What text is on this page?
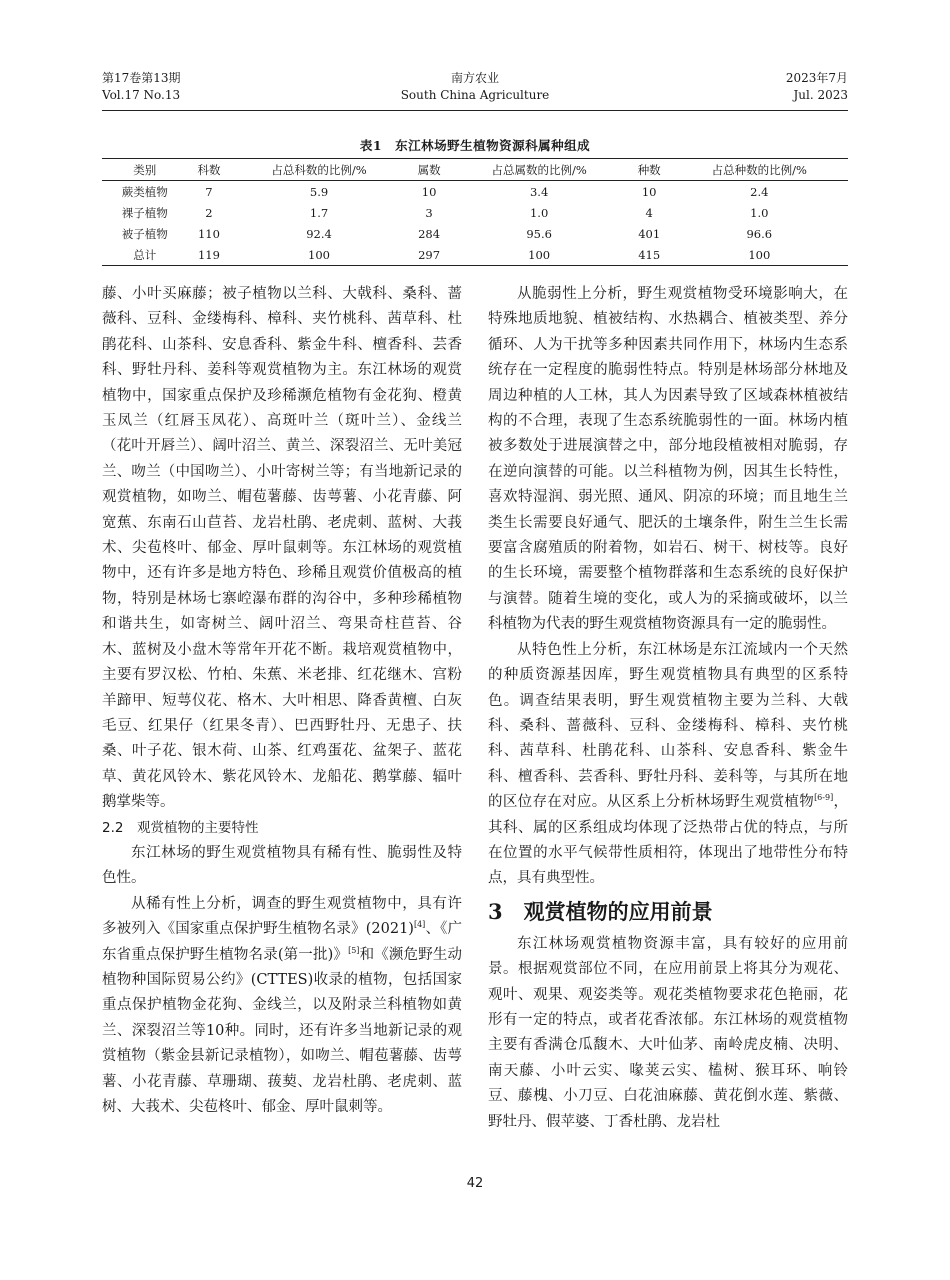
第17卷第13期
Vol.17 No.13
南方农业
South China Agriculture
2023年7月
Jul. 2023
表1　东江林场野生植物资源科属种组成
类别	科数	占总科数的比例/%	属数	占总属数的比例/%	种数	占总种数的比例/%
蕨类植物	7	5.9	10	3.4	10	2.4
裸子植物	2	1.7	3	1.0	4	1.0
被子植物	110	92.4	284	95.6	401	96.6
总计	119	100	297	100	415	100

藤、小叶买麻藤；被子植物以兰科、大戟科、桑科、蔷薇科、豆科、金缕梅科、樟科、夹竹桃科、茜草科、杜鹃花科、山茶科、安息香科、紫金牛科、檀香科、芸香科、野牡丹科、姜科等观赏植物为主。东江林场的观赏植物中，国家重点保护及珍稀濒危植物有金花狗、橙黄玉凤兰（红唇玉凤花）、高斑叶兰（斑叶兰）、金线兰（花叶开唇兰）、阔叶沼兰、黄兰、深裂沼兰、无叶美冠兰、吻兰（中国吻兰）、小叶寄树兰等；有当地新记录的观赏植物，如吻兰、帽苞薯藤、齿萼薯、小花青藤、阿宽蕉、东南石山苣苔、龙岩杜鹃、老虎刺、蓝树、大莪术、尖苞柊叶、郁金、厚叶鼠刺等。东江林场的观赏植物中，还有许多是地方特色、珍稀且观赏价值极高的植物，特别是林场七寨崆瀑布群的沟谷中，多种珍稀植物和谐共生，如寄树兰、阔叶沼兰、弯果奇柱苣苔、谷木、蓝树及小盘木等常年开花不断。栽培观赏植物中，主要有罗汉松、竹柏、朱蕉、米老排、红花继木、宫粉羊蹄甲、短萼仪花、格木、大叶相思、降香黄檀、白灰毛豆、红果仔（红果冬青）、巴西野牡丹、无患子、扶桑、叶子花、银木荷、山茶、红鸡蛋花、盆架子、蓝花草、黄花风铃木、紫花风铃木、龙船花、鹅掌藤、辐叶鹅掌柴等。

2.2　观赏植物的主要特性

东江林场的野生观赏植物具有稀有性、脆弱性及特色性。

从稀有性上分析，调查的野生观赏植物中，具有许多被列入《国家重点保护野生植物名录》(2021)[4]、《广东省重点保护野生植物名录(第一批)》[5]和《濒危野生动植物种国际贸易公约》(CTTES)收录的植物，包括国家重点保护植物金花狗、金线兰，以及附录兰科植物如黄兰、深裂沼兰等10种。同时，还有许多当地新记录的观赏植物（紫金县新记录植物），如吻兰、帽苞薯藤、齿萼薯、小花青藤、草珊瑚、菝葜、龙岩杜鹃、老虎刺、蓝树、大莪术、尖苞柊叶、郁金、厚叶鼠刺等。

从脆弱性上分析，野生观赏植物受环境影响大，在特殊地质地貌、植被结构、水热耦合、植被类型、养分循环、人为干扰等多种因素共同作用下，林场内生态系统存在一定程度的脆弱性特点。特别是林场部分林地及周边种植的人工林，其人为因素导致了区域森林植被结构的不合理，表现了生态系统脆弱性的一面。林场内植被多数处于进展演替之中，部分地段植被相对脆弱，存在逆向演替的可能。以兰科植物为例，因其生长特性，喜欢特湿润、弱光照、通风、阴凉的环境；而且地生兰类生长需要良好通气、肥沃的土壤条件，附生兰生长需要富含腐殖质的附着物，如岩石、树干、树枝等。良好的生长环境，需要整个植物群落和生态系统的良好保护与演替。随着生境的变化，或人为的采摘或破坏，以兰科植物为代表的野生观赏植物资源具有一定的脆弱性。

从特色性上分析，东江林场是东江流域内一个天然的种质资源基因库，野生观赏植物具有典型的区系特色。调查结果表明，野生观赏植物主要为兰科、大戟科、桑科、蔷薇科、豆科、金缕梅科、樟科、夹竹桃科、茜草科、杜鹃花科、山茶科、安息香科、紫金牛科、檀香科、芸香科、野牡丹科、姜科等，与其所在地的区位存在对应。从区系上分析林场野生观赏植物[6-9]，其科、属的区系组成均体现了泛热带占优的特点，与所在位置的水平气候带性质相符，体现出了地带性分布特点，具有典型性。

3　观赏植物的应用前景

东江林场观赏植物资源丰富，具有较好的应用前景。根据观赏部位不同，在应用前景上将其分为观花、观叶、观果、观姿类等。观花类植物要求花色艳丽，花形有一定的特点，或者花香浓郁。东江林场的观赏植物主要有香满仓瓜馥木、大叶仙茅、南岭虎皮楠、决明、南天藤、小叶云实、喙荚云实、榼树、猴耳环、响铃豆、藤槐、小刀豆、白花油麻藤、黄花倒水莲、紫薇、野牡丹、假苹婆、丁香杜鹃、龙岩杜

42
